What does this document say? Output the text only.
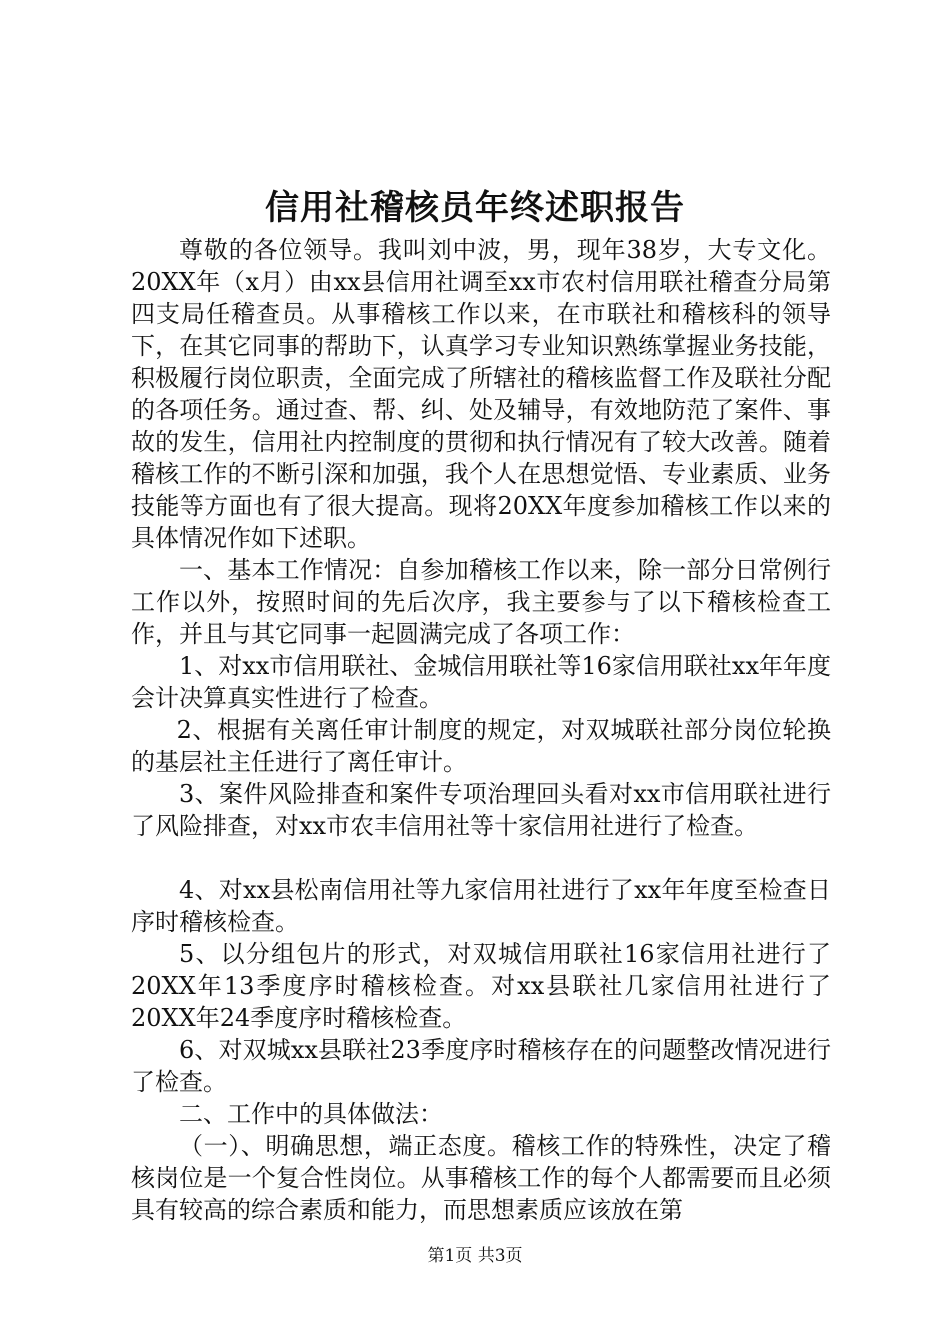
信用社稽核员年终述职报告

尊敬的各位领导。我叫刘中波，男，现年38岁，大专文化。20XX年（x月）由xx县信用社调至xx市农村信用联社稽查分局第四支局任稽查员。从事稽核工作以来，在市联社和稽核科的领导下，在其它同事的帮助下，认真学习专业知识熟练掌握业务技能，积极履行岗位职责，全面完成了所辖社的稽核监督工作及联社分配的各项任务。通过查、帮、纠、处及辅导，有效地防范了案件、事故的发生，信用社内控制度的贯彻和执行情况有了较大改善。随着稽核工作的不断引深和加强，我个人在思想觉悟、专业素质、业务技能等方面也有了很大提高。现将20XX年度参加稽核工作以来的具体情况作如下述职。

一、基本工作情况：自参加稽核工作以来，除一部分日常例行工作以外，按照时间的先后次序，我主要参与了以下稽核检查工作，并且与其它同事一起圆满完成了各项工作：

1、对xx市信用联社、金城信用联社等16家信用联社xx年年度会计决算真实性进行了检查。

2、根据有关离任审计制度的规定，对双城联社部分岗位轮换的基层社主任进行了离任审计。

3、案件风险排查和案件专项治理回头看对xx市信用联社进行了风险排查，对xx市农丰信用社等十家信用社进行了检查。

4、对xx县松南信用社等九家信用社进行了xx年年度至检查日序时稽核检查。

5、以分组包片的形式，对双城信用联社16家信用社进行了20XX年13季度序时稽核检查。对xx县联社几家信用社进行了20XX年24季度序时稽核检查。

6、对双城xx县联社23季度序时稽核存在的问题整改情况进行了检查。

二、工作中的具体做法：

（一）、明确思想，端正态度。稽核工作的特殊性，决定了稽核岗位是一个复合性岗位。从事稽核工作的每个人都需要而且必须具有较高的综合素质和能力，而思想素质应该放在第

第1页 共3页
